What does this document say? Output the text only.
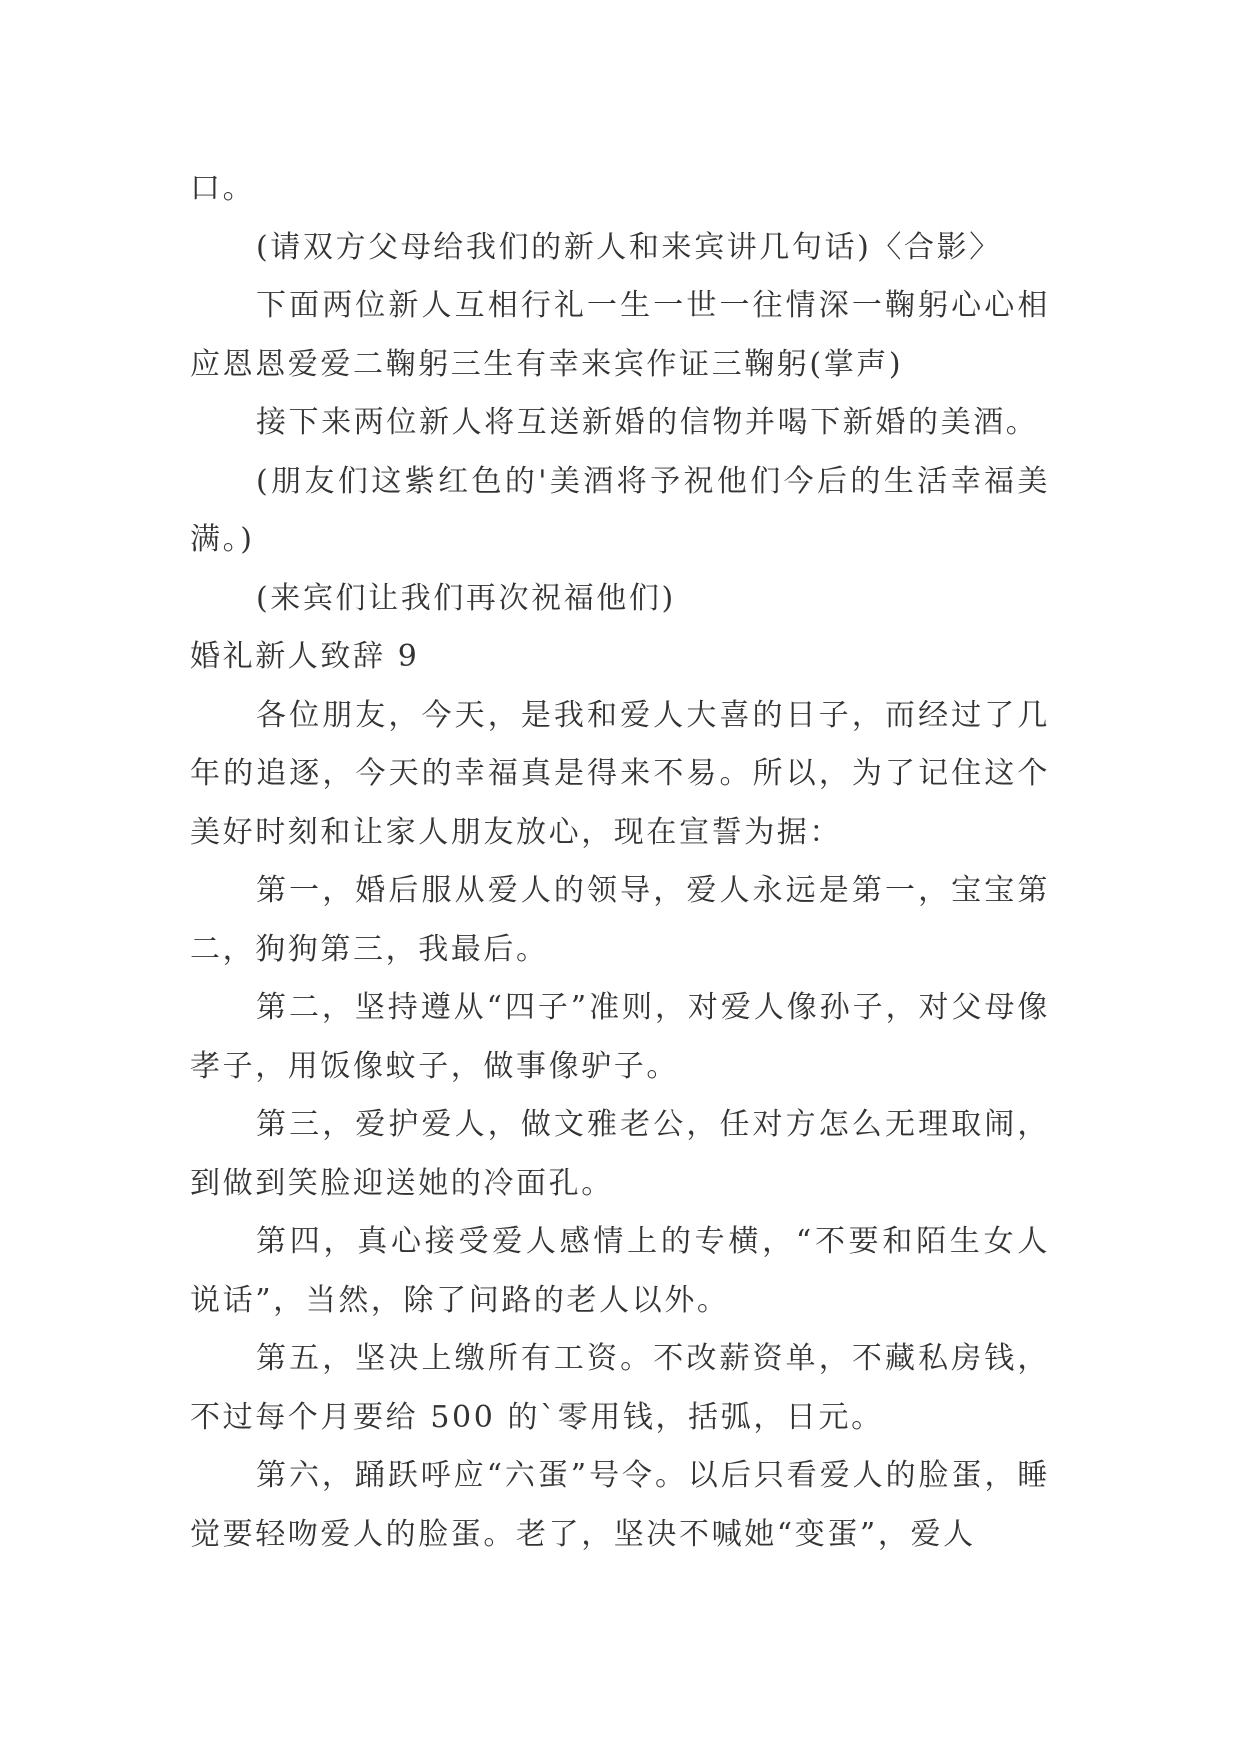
口。

(请双方父母给我们的新人和来宾讲几句话)〈合影〉

下面两位新人互相行礼一生一世一往情深一鞠躬心心相应恩恩爱爱二鞠躬三生有幸来宾作证三鞠躬(掌声)

接下来两位新人将互送新婚的信物并喝下新婚的美酒。

(朋友们这紫红色的'美酒将予祝他们今后的生活幸福美满。)

(来宾们让我们再次祝福他们)

婚礼新人致辞 9

各位朋友，今天，是我和爱人大喜的日子，而经过了几年的追逐，今天的幸福真是得来不易。所以，为了记住这个美好时刻和让家人朋友放心，现在宣誓为据：

第一，婚后服从爱人的领导，爱人永远是第一，宝宝第二，狗狗第三，我最后。

第二，坚持遵从“四子”准则，对爱人像孙子，对父母像孝子，用饭像蚊子，做事像驴子。

第三，爱护爱人，做文雅老公，任对方怎么无理取闹，到做到笑脸迎送她的冷面孔。

第四，真心接受爱人感情上的专横，“不要和陌生女人说话”，当然，除了问路的老人以外。

第五，坚决上缴所有工资。不改薪资单，不藏私房钱，不过每个月要给 500 的`零用钱，括弧，日元。

第六，踊跃呼应“六蛋”号令。以后只看爱人的脸蛋，睡觉要轻吻爱人的脸蛋。老了，坚决不喊她“变蛋”，爱人
